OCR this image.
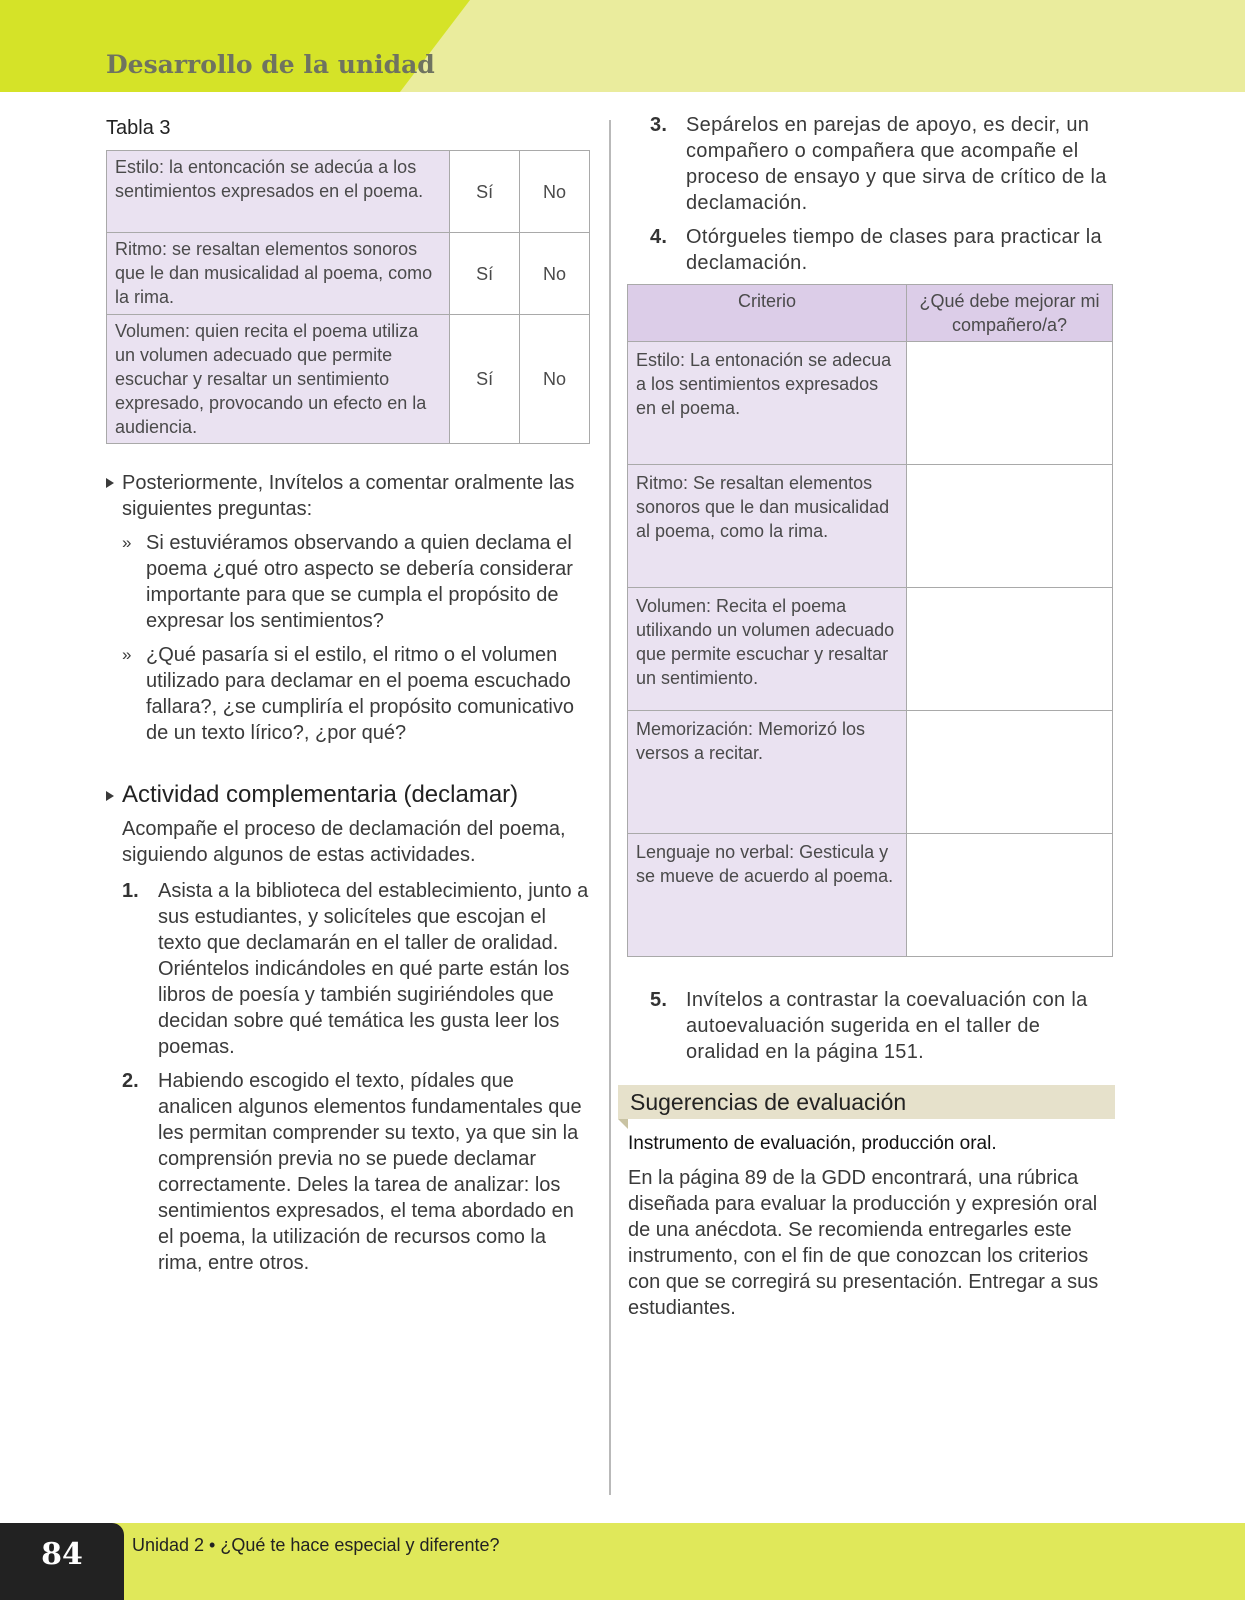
Desarrollo de la unidad
Tabla 3
Estilo: la entoncación se adecúa a los sentimientos expresados en el poema.	Sí	No
Ritmo: se resaltan elementos sonoros que le dan musicalidad al poema, como la rima.	Sí	No
Volumen: quien recita el poema utiliza un volumen adecuado que permite escuchar y resaltar un sentimiento expresado, provocando un efecto en la audiencia.	Sí	No
Posteriormente, Invítelos a comentar oralmente las siguientes preguntas:
» Si estuviéramos observando a quien declama el poema ¿qué otro aspecto se debería considerar importante para que se cumpla el propósito de expresar los sentimientos?
» ¿Qué pasaría si el estilo, el ritmo o el volumen utilizado para declamar en el poema escuchado fallara?, ¿se cumpliría el propósito comunicativo de un texto lírico?, ¿por qué?
Actividad complementaria (declamar)
Acompañe el proceso de declamación del poema, siguiendo algunos de estas actividades.
1. Asista a la biblioteca del establecimiento, junto a sus estudiantes, y solicíteles que escojan el texto que declamarán en el taller de oralidad. Oriéntelos indicándoles en qué parte están los libros de poesía y también sugiriéndoles que decidan sobre qué temática les gusta leer los poemas.
2. Habiendo escogido el texto, pídales que analicen algunos elementos fundamentales que les permitan comprender su texto, ya que sin la comprensión previa no se puede declamar correctamente. Deles la tarea de analizar: los sentimientos expresados, el tema abordado en el poema, la utilización de recursos como la rima, entre otros.
3. Sepárelos en parejas de apoyo, es decir, un compañero o compañera que acompañe el proceso de ensayo y que sirva de crítico de la declamación.
4. Otórgueles tiempo de clases para practicar la declamación.
Criterio	¿Qué debe mejorar mi compañero/a?
Estilo: La entonación se adecua a los sentimientos expresados en el poema.	
Ritmo: Se resaltan elementos sonoros que le dan musicalidad al poema, como la rima.	
Volumen: Recita el poema utilixando un volumen adecuado que permite escuchar y resaltar un sentimiento.	
Memorización: Memorizó los versos a recitar.	
Lenguaje no verbal: Gesticula y se mueve de acuerdo al poema.	
5. Invítelos a contrastar la coevaluación con la autoevaluación sugerida en el taller de oralidad en la página 151.
Sugerencias de evaluación

Instrumento de evaluación, producción oral.

En la página 89 de la GDD encontrará, una rúbrica diseñada para evaluar la producción y expresión oral de una anécdota. Se recomienda entregarles este instrumento, con el fin de que conozcan los criterios con que se corregirá su presentación. Entregar a sus estudiantes.

84	Unidad 2 • ¿Qué te hace especial y diferente?
